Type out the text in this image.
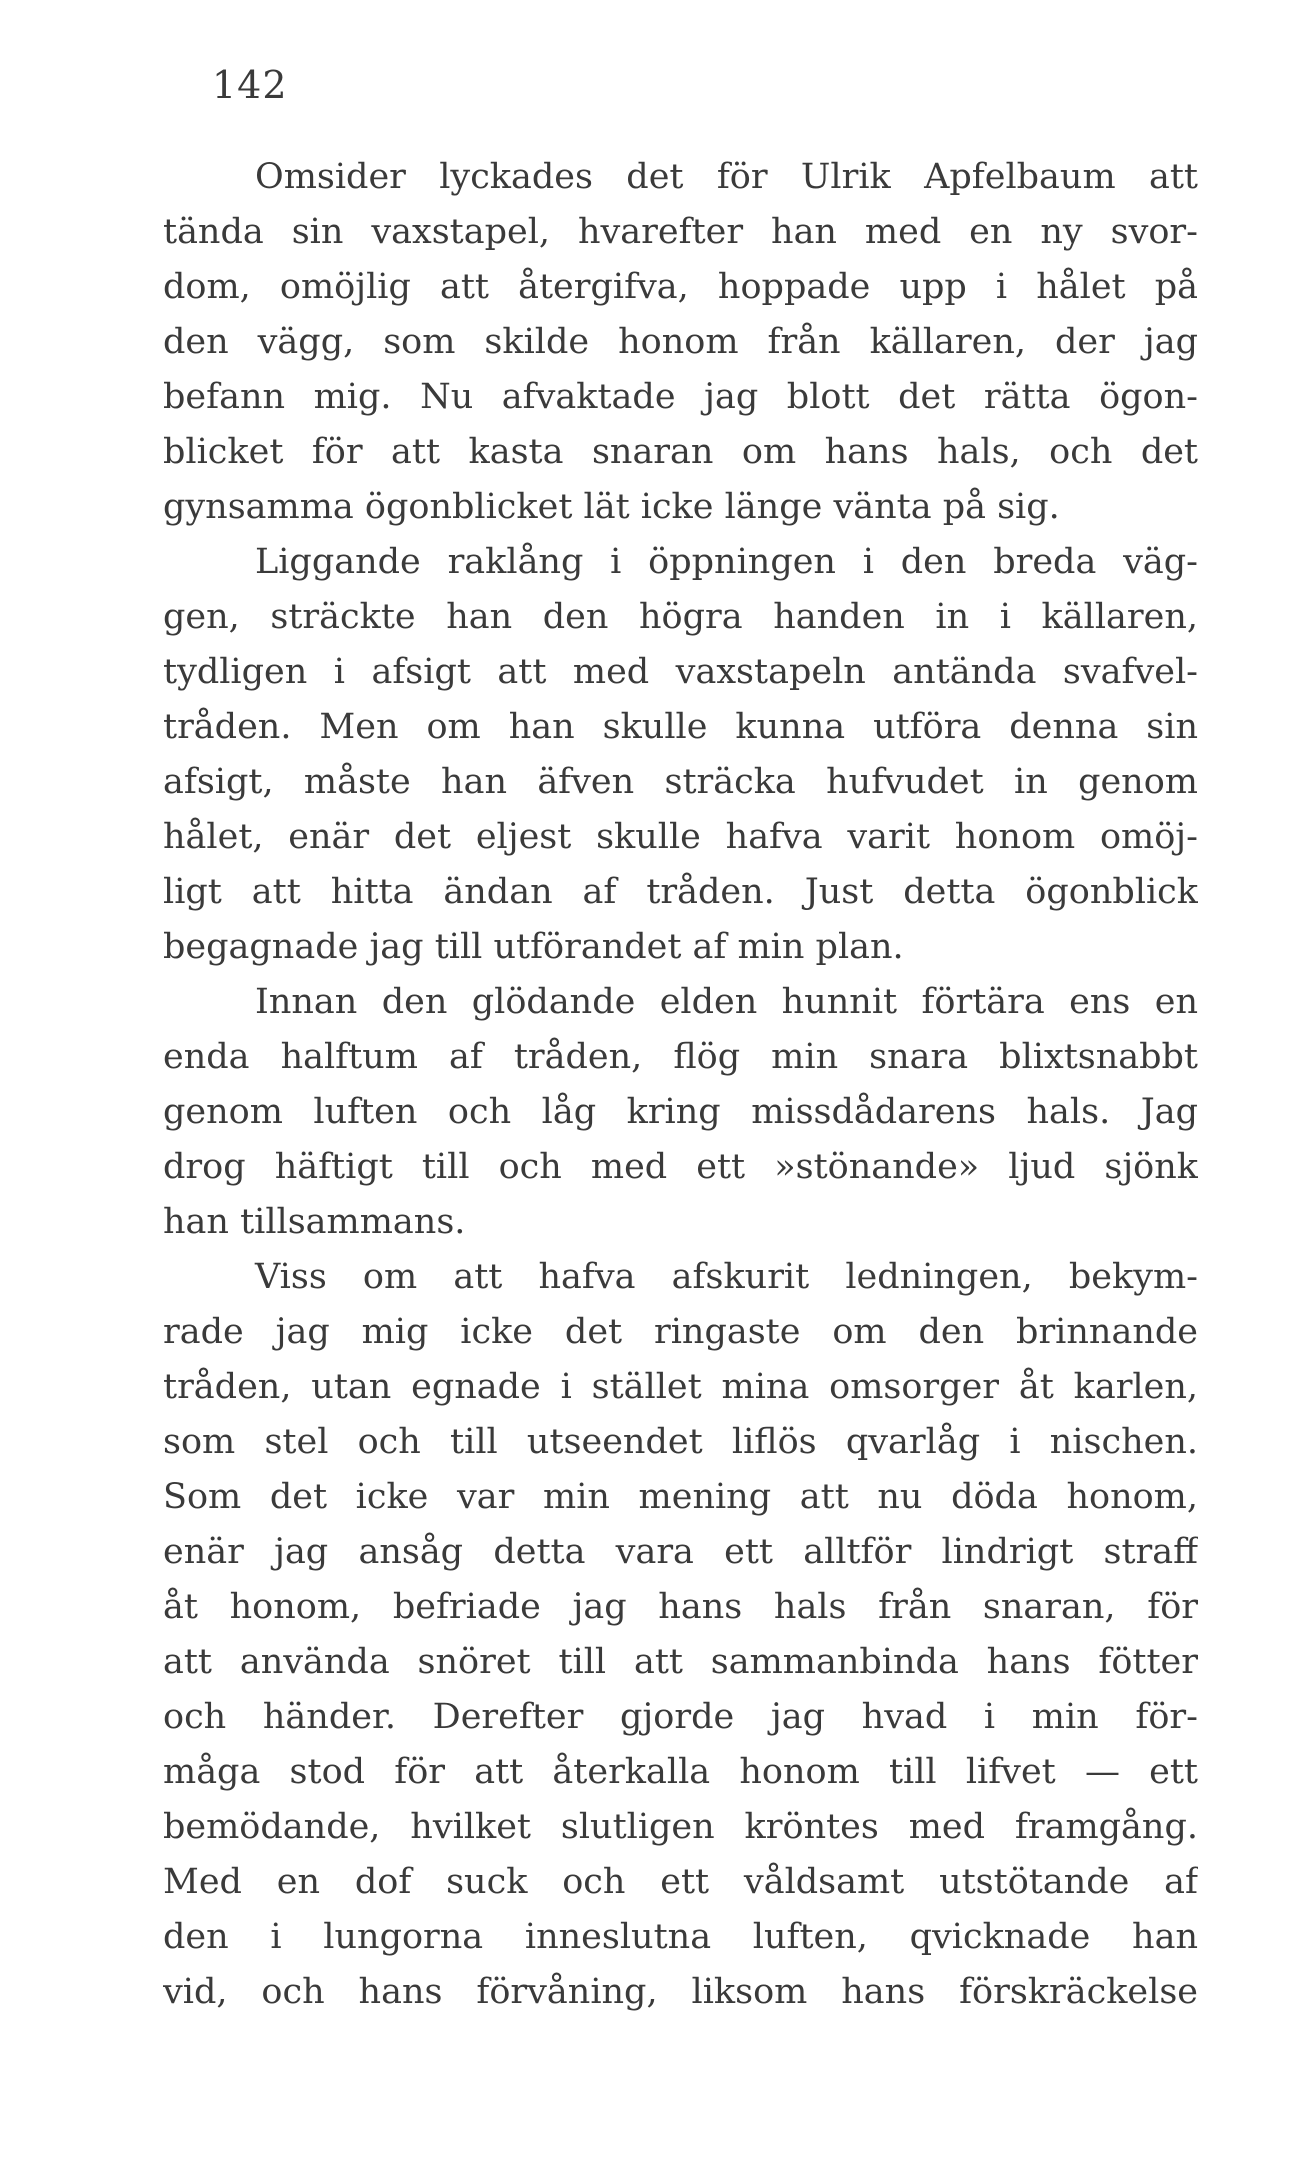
142
Omsider lyckades det för Ulrik Apfelbaum att
tända sin vaxstapel, hvarefter han med en ny svor-
dom, omöjlig att återgifva, hoppade upp i hålet på
den vägg, som skilde honom från källaren, der jag
befann mig. Nu afvaktade jag blott det rätta ögon-
blicket för att kasta snaran om hans hals, och det
gynsamma ögonblicket lät icke länge vänta på sig.
Liggande raklång i öppningen i den breda väg-
gen, sträckte han den högra handen in i källaren,
tydligen i afsigt att med vaxstapeln antända svafvel-
tråden. Men om han skulle kunna utföra denna sin
afsigt, måste han äfven sträcka hufvudet in genom
hålet, enär det eljest skulle hafva varit honom omöj-
ligt att hitta ändan af tråden. Just detta ögonblick
begagnade jag till utförandet af min plan.
Innan den glödande elden hunnit förtära ens en
enda halftum af tråden, flög min snara blixtsnabbt
genom luften och låg kring missdådarens hals. Jag
drog häftigt till och med ett »stönande» ljud sjönk
han tillsammans.
Viss om att hafva afskurit ledningen, bekym-
rade jag mig icke det ringaste om den brinnande
tråden, utan egnade i stället mina omsorger åt karlen,
som stel och till utseendet liflös qvarlåg i nischen.
Som det icke var min mening att nu döda honom,
enär jag ansåg detta vara ett alltför lindrigt straff
åt honom, befriade jag hans hals från snaran, för
att använda snöret till att sammanbinda hans fötter
och händer. Derefter gjorde jag hvad i min för-
måga stod för att återkalla honom till lifvet — ett
bemödande, hvilket slutligen kröntes med framgång.
Med en dof suck och ett våldsamt utstötande af
den i lungorna inneslutna luften, qvicknade han
vid, och hans förvåning, liksom hans förskräckelse
